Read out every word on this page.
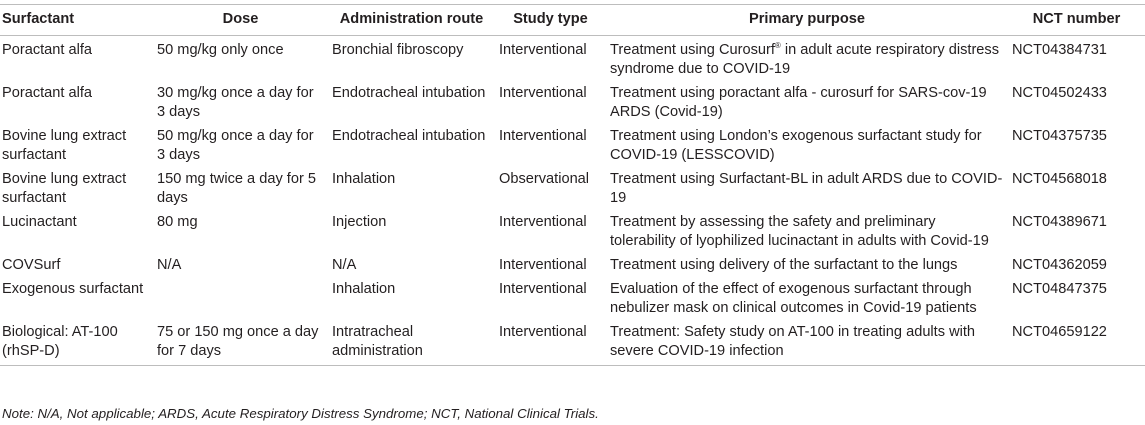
Surfactant	Dose	Administration route	Study type	Primary purpose	NCT number
Poractant alfa	50 mg/kg only once	Bronchial fibroscopy	Interventional	Treatment using Curosurf® in adult acute respiratory distress syndrome due to COVID-19	NCT04384731
Poractant alfa	30 mg/kg once a day for 3 days	Endotracheal intubation	Interventional	Treatment using poractant alfa - curosurf for SARS-cov-19 ARDS (Covid-19)	NCT04502433
Bovine lung extract surfactant	50 mg/kg once a day for 3 days	Endotracheal intubation	Interventional	Treatment using London’s exogenous surfactant study for COVID-19 (LESSCOVID)	NCT04375735
Bovine lung extract surfactant	150 mg twice a day for 5 days	Inhalation	Observational	Treatment using Surfactant-BL in adult ARDS due to COVID-19	NCT04568018
Lucinactant	80 mg	Injection	Interventional	Treatment by assessing the safety and preliminary tolerability of lyophilized lucinactant in adults with Covid-19	NCT04389671
COVSurf	N/A	N/A	Interventional	Treatment using delivery of the surfactant to the lungs	NCT04362059
Exogenous surfactant		Inhalation	Interventional	Evaluation of the effect of exogenous surfactant through nebulizer mask on clinical outcomes in Covid-19 patients	NCT04847375
Biological: AT-100 (rhSP-D)	75 or 150 mg once a day for 7 days	Intratracheal administration	Interventional	Treatment: Safety study on AT-100 in treating adults with severe COVID-19 infection	NCT04659122
Note: N/A, Not applicable; ARDS, Acute Respiratory Distress Syndrome; NCT, National Clinical Trials.
